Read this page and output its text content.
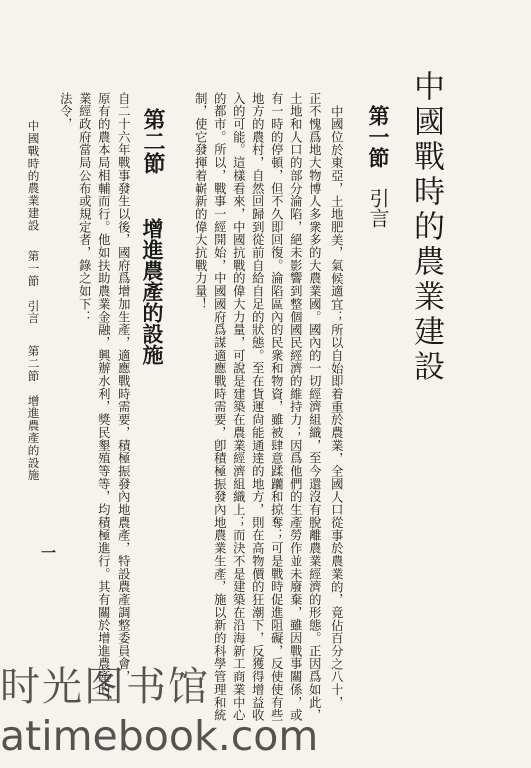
中國戰時的農業建設
第一節
引言
中國位於東亞，土地肥美，氣候適宜；所以自始即着重於農業，全國人口從事於農業的，竟佔百分之八十，
正不愧爲地大物博人多衆多的大農業國。國內的一切經濟組織，至今還沒有脫離農業經濟的形態。正因爲如此，
土地和人口的部分淪陷，絕未影響到整個國民經濟的維持力；因爲他們的生產勞作並未廢棄，雖因戰事關係，或
有一時的停頓，但不久即回復。淪陷區內的民衆和物資，雖被肆意蹂躪和掠奪；可是戰時促進阻礙，反使使有些
地方的農村，自然回歸到從前自給自足的狀態。至在貨運尙能通達的地方，則在高物價的狂潮下，反獲得增益收
入的可能。這樣看來，中國抗戰的偉大力量，可說是建築在農業經濟組織上；而決不是建築在沿海新工商業中心
的都市。所以，戰事一經開始，中國國府爲謀適應戰時需要，卽積極振發內地農業生產，施以新的科學管理和統
制，使它發揮着嶄新的偉大抗戰力量！
第二節
增進農產的設施
自二十六年戰事發生以後，國府爲增加生產，適應戰時需要，積極振發內地農產，特設農產調整委員會，
原有的農本局相輔而行。他如扶助農業金融，興辦水利，獎民墾殖等等，均積極進行。其有關於增進農產的，
業經政府當局公布或規定者，錄之如下：
法令，
中國戰時的農業建設
第一節　引言
第二節　增進農產的設施
一
时光图书馆
atimebook.com
